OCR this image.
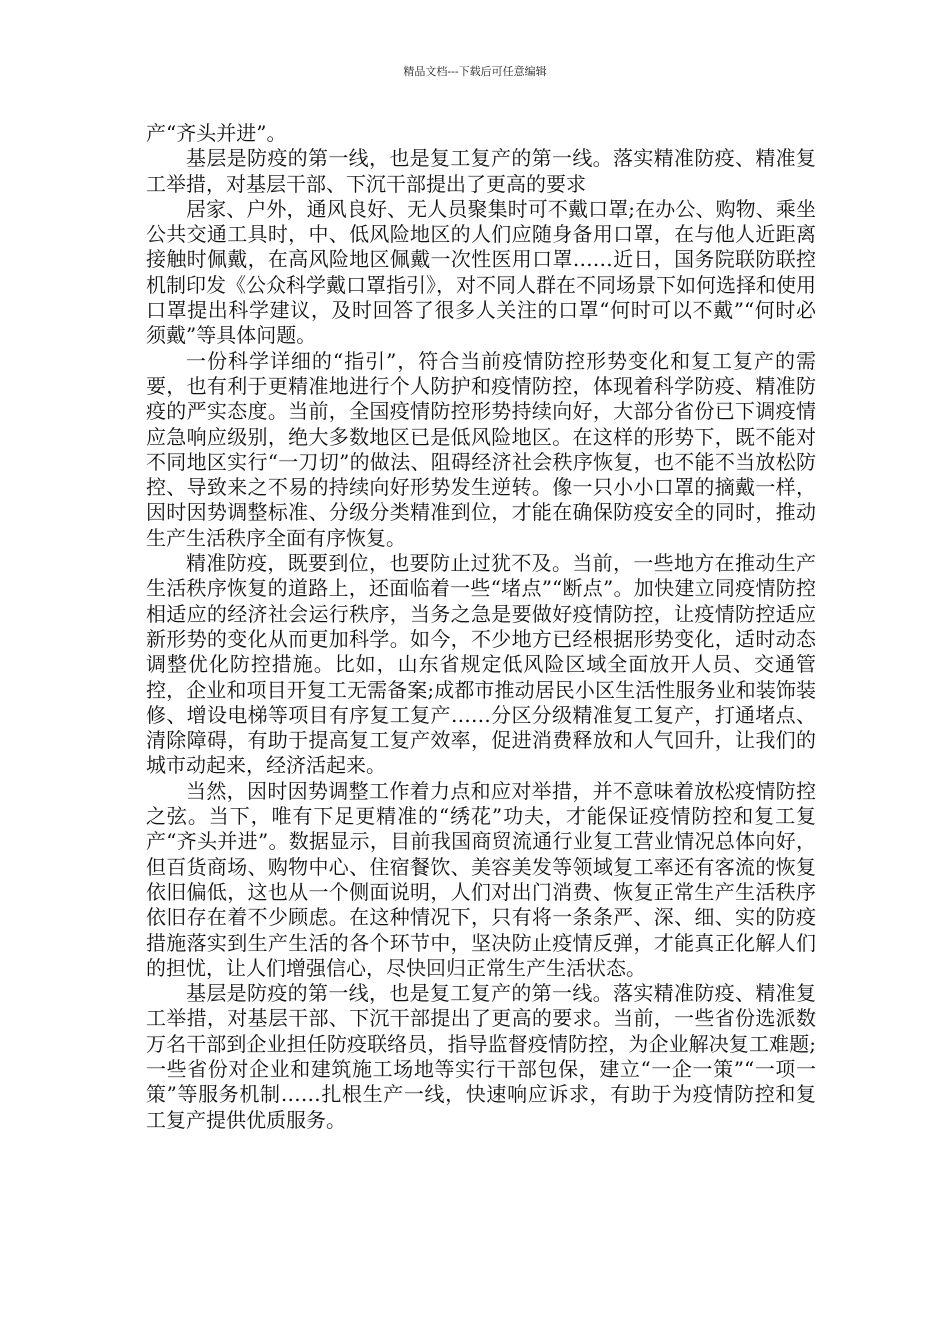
精品文档---下载后可任意编辑

产“齐头并进”。

基层是防疫的第一线，也是复工复产的第一线。落实精准防疫、精准复工举措，对基层干部、下沉干部提出了更高的要求

居家、户外，通风良好、无人员聚集时可不戴口罩;在办公、购物、乘坐公共交通工具时，中、低风险地区的人们应随身备用口罩，在与他人近距离接触时佩戴，在高风险地区佩戴一次性医用口罩……近日，国务院联防联控机制印发《公众科学戴口罩指引》，对不同人群在不同场景下如何选择和使用口罩提出科学建议，及时回答了很多人关注的口罩“何时可以不戴”“何时必须戴”等具体问题。

一份科学详细的“指引”，符合当前疫情防控形势变化和复工复产的需要，也有利于更精准地进行个人防护和疫情防控，体现着科学防疫、精准防疫的严实态度。当前，全国疫情防控形势持续向好，大部分省份已下调疫情应急响应级别，绝大多数地区已是低风险地区。在这样的形势下，既不能对不同地区实行“一刀切”的做法、阻碍经济社会秩序恢复，也不能不当放松防控、导致来之不易的持续向好形势发生逆转。像一只小小口罩的摘戴一样，因时因势调整标准、分级分类精准到位，才能在确保防疫安全的同时，推动生产生活秩序全面有序恢复。

精准防疫，既要到位，也要防止过犹不及。当前，一些地方在推动生产生活秩序恢复的道路上，还面临着一些“堵点”“断点”。加快建立同疫情防控相适应的经济社会运行秩序，当务之急是要做好疫情防控，让疫情防控适应新形势的变化从而更加科学。如今，不少地方已经根据形势变化，适时动态调整优化防控措施。比如，山东省规定低风险区域全面放开人员、交通管控，企业和项目开复工无需备案;成都市推动居民小区生活性服务业和装饰装修、增设电梯等项目有序复工复产……分区分级精准复工复产，打通堵点、清除障碍，有助于提高复工复产效率，促进消费释放和人气回升，让我们的城市动起来，经济活起来。

当然，因时因势调整工作着力点和应对举措，并不意味着放松疫情防控之弦。当下，唯有下足更精准的“绣花”功夫，才能保证疫情防控和复工复产“齐头并进”。数据显示，目前我国商贸流通行业复工营业情况总体向好，但百货商场、购物中心、住宿餐饮、美容美发等领域复工率还有客流的恢复依旧偏低，这也从一个侧面说明，人们对出门消费、恢复正常生产生活秩序依旧存在着不少顾虑。在这种情况下，只有将一条条严、深、细、实的防疫措施落实到生产生活的各个环节中，坚决防止疫情反弹，才能真正化解人们的担忧，让人们增强信心，尽快回归正常生产生活状态。

基层是防疫的第一线，也是复工复产的第一线。落实精准防疫、精准复工举措，对基层干部、下沉干部提出了更高的要求。当前，一些省份选派数万名干部到企业担任防疫联络员，指导监督疫情防控，为企业解决复工难题;一些省份对企业和建筑施工场地等实行干部包保，建立“一企一策”“一项一策”等服务机制……扎根生产一线，快速响应诉求，有助于为疫情防控和复工复产提供优质服务。
